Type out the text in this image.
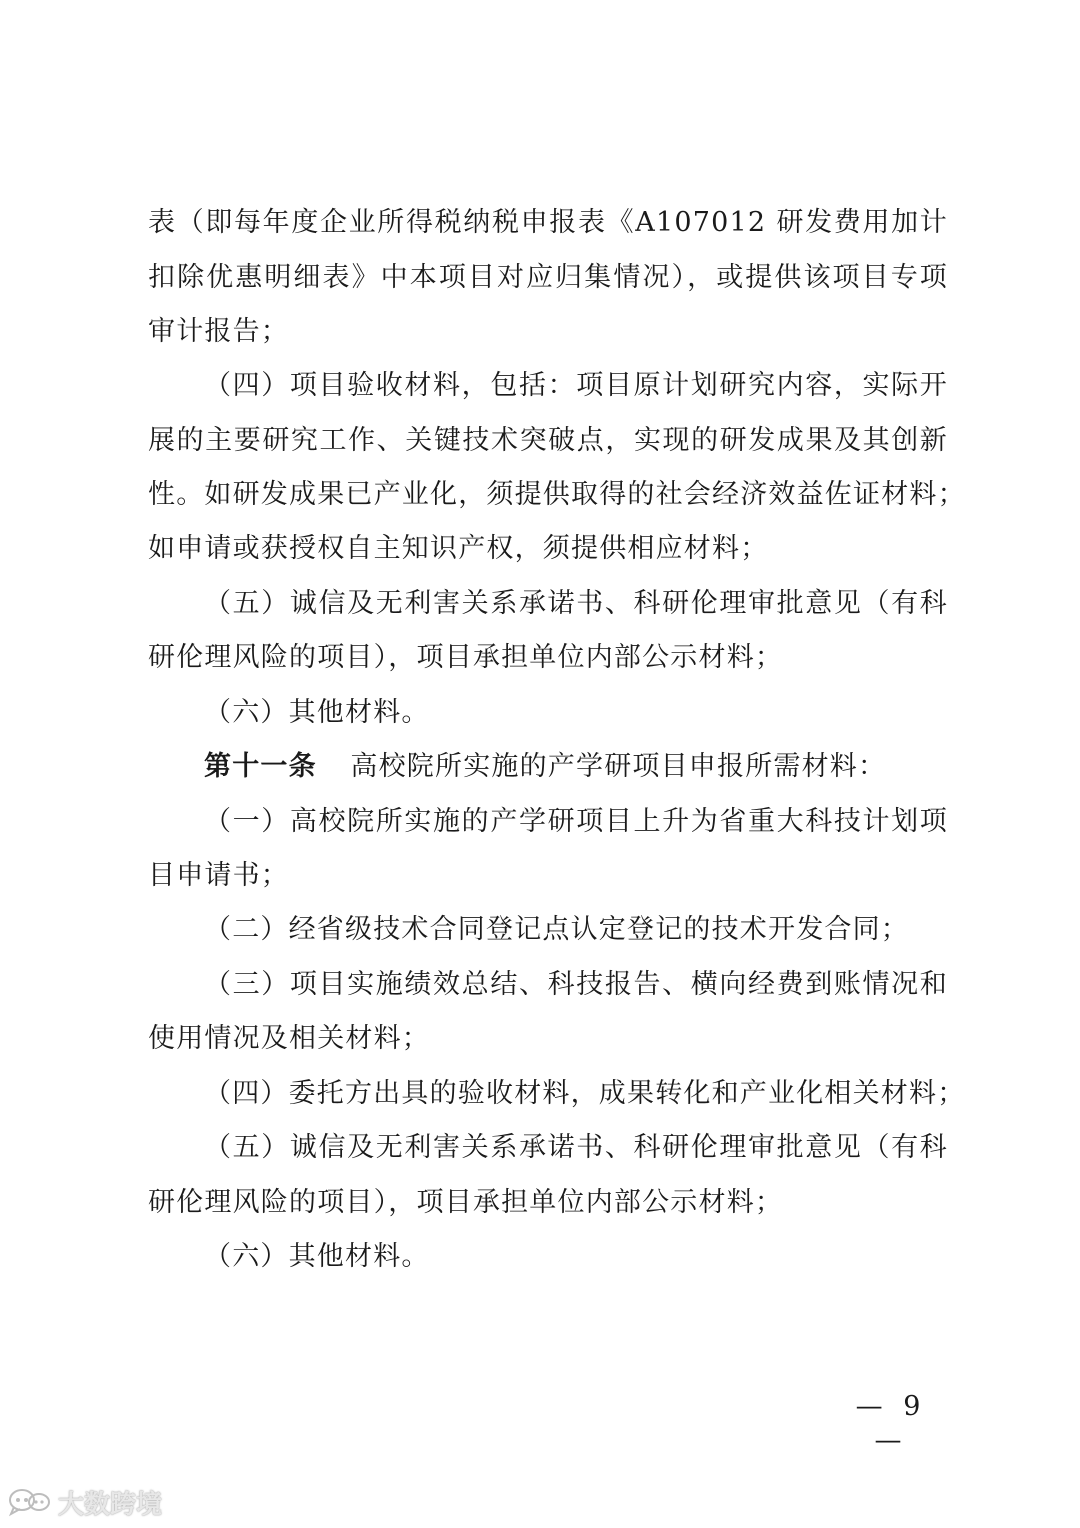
表（即每年度企业所得税纳税申报表《A107012 研发费用加计
扣除优惠明细表》中本项目对应归集情况），或提供该项目专项
审计报告；
（四）项目验收材料，包括：项目原计划研究内容，实际开
展的主要研究工作、关键技术突破点，实现的研发成果及其创新
性。如研发成果已产业化，须提供取得的社会经济效益佐证材料；
如申请或获授权自主知识产权，须提供相应材料；
（五）诚信及无利害关系承诺书、科研伦理审批意见（有科
研伦理风险的项目），项目承担单位内部公示材料；
（六）其他材料。
第十一条 高校院所实施的产学研项目申报所需材料：
（一）高校院所实施的产学研项目上升为省重大科技计划项
目申请书；
（二）经省级技术合同登记点认定登记的技术开发合同；
（三）项目实施绩效总结、科技报告、横向经费到账情况和
使用情况及相关材料；
（四）委托方出具的验收材料，成果转化和产业化相关材料；
（五）诚信及无利害关系承诺书、科研伦理审批意见（有科
研伦理风险的项目），项目承担单位内部公示材料；
（六）其他材料。
— 9 —
大数跨境
